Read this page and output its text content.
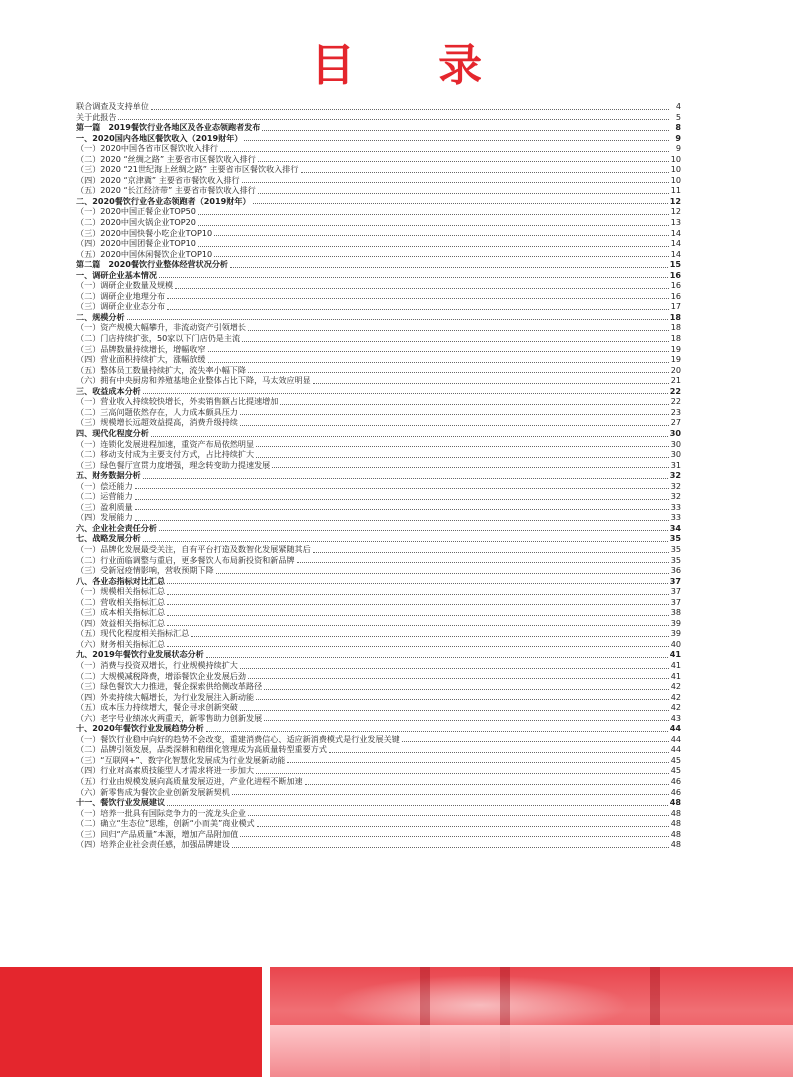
目 录
联合调查及支持单位	4
关于此报告	5
第一篇　2019餐饮行业各地区及各业态领跑者发布	8
一、2020国内各地区餐饮收入（2019财年）	9
（一）2020中国各省市区餐饮收入排行	9
（二）2020 “丝绸之路” 主要省市区餐饮收入排行	10
（三）2020 “21世纪海上丝绸之路” 主要省市区餐饮收入排行	10
（四）2020 “京津冀” 主要省市餐饮收入排行	10
（五）2020 “长江经济带” 主要省市餐饮收入排行	11
二、2020餐饮行业各业态领跑者（2019财年）	12
（一）2020中国正餐企业TOP50	12
（二）2020中国火锅企业TOP20	13
（三）2020中国快餐小吃企业TOP10	14
（四）2020中国团餐企业TOP10	14
（五）2020中国休闲餐饮企业TOP10	14
第二篇　2020餐饮行业整体经营状况分析	15
一、调研企业基本情况	16
（一）调研企业数量及规模	16
（二）调研企业地理分布	16
（三）调研企业业态分布	17
二、规模分析	18
（一）资产规模大幅攀升，非流动资产引领增长	18
（二）门店持续扩张，50家以下门店仍是主流	18
（三）品牌数量持续增长，增幅收窄	19
（四）营业面积持续扩大，涨幅放缓	19
（五）整体员工数量持续扩大，流失率小幅下降	20
（六）拥有中央厨房和养殖基地企业整体占比下降，马太效应明显	21
三、收益成本分析	22
（一）营业收入持续较快增长，外卖销售额占比提速增加	22
（二）三高问题依然存在，人力成本颇具压力	23
（三）规模增长远超效益提高，消费升级持续	27
四、现代化程度分析	30
（一）连锁化发展进程加速，重资产布局依然明显	30
（二）移动支付成为主要支付方式，占比持续扩大	30
（三）绿色餐厅宣贯力度增强，理念转变助力提速发展	31
五、财务数据分析	32
（一）偿还能力	32
（二）运营能力	32
（三）盈利质量	33
（四）发展能力	33
六、企业社会责任分析	34
七、战略发展分析	35
（一）品牌化发展最受关注，自有平台打造及数智化发展紧随其后	35
（二）行业面临调整与重启，更多餐饮人布局新投资和新品牌	35
（三）受新冠疫情影响，营收预期下降	36
八、各业态指标对比汇总	37
（一）规模相关指标汇总	37
（二）营收相关指标汇总	37
（三）成本相关指标汇总	38
（四）效益相关指标汇总	39
（五）现代化程度相关指标汇总	39
（六）财务相关指标汇总	40
九、2019年餐饮行业发展状态分析	41
（一）消费与投资双增长，行业规模持续扩大	41
（二）大规模减税降费，增添餐饮企业发展后劲	41
（三）绿色餐饮大力推进，餐企探索供给侧改革路径	42
（四）外卖持续大幅增长，为行业发展注入新动能	42
（五）成本压力持续增大，餐企寻求创新突破	42
（六）老字号业绩冰火两重天，新零售助力创新发展	43
十、2020年餐饮行业发展趋势分析	44
（一）餐饮行业稳中向好的趋势不会改变，重建消费信心、适应新消费模式是行业发展关键	44
（二）品牌引领发展，品类深耕和精细化管理成为高质量转型重要方式	44
（三）“互联网+”、数字化智慧化发展成为行业发展新动能	45
（四）行业对高素质技能型人才需求将进一步加大	45
（五）行业由规模发展向高质量发展迈进，产业化进程不断加速	46
（六）新零售成为餐饮企业创新发展新契机	46
十一、餐饮行业发展建议	48
（一）培养一批具有国际竞争力的一流龙头企业	48
（二）确立“生态位”思维，创新“小而美”商业模式	48
（三）回归“产品质量”本源，增加产品附加值	48
（四）培养企业社会责任感，加强品牌建设	48
